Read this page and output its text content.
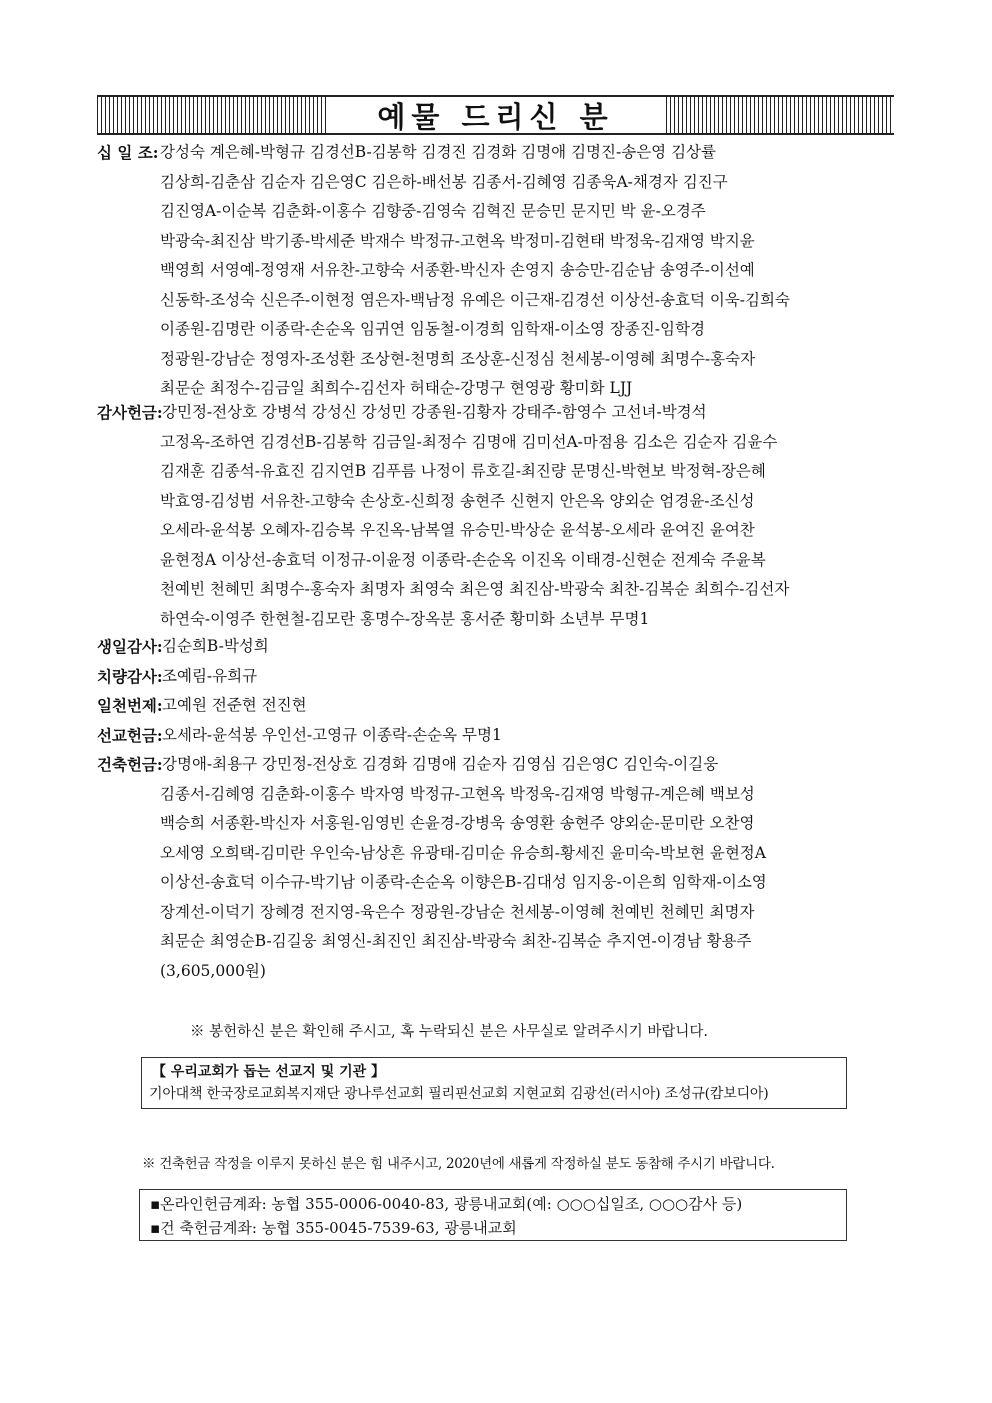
예물 드리신 분
십 일 조: 강성숙 계은혜-박형규 김경선B-김봉학 김경진 김경화 김명애 김명진-송은영 김상률
김상희-김춘삼 김순자 김은영C 김은하-배선봉 김종서-김혜영 김종욱A-채경자 김진구
김진영A-이순복 김춘화-이홍수 김향중-김영숙 김혁진 문승민 문지민 박 윤-오경주
박광숙-최진삼 박기종-박세준 박재수 박정규-고현옥 박정미-김현태 박정욱-김재영 박지윤
백영희 서영예-정영재 서유찬-고향숙 서종환-박신자 손영지 송승만-김순남 송영주-이선예
신동학-조성숙 신은주-이현정 염은자-백남정 유예은 이근재-김경선 이상선-송효덕 이욱-김희숙
이종원-김명란 이종락-손순옥 임귀연 임동철-이경희 임학재-이소영 장종진-임학경
정광원-강남순 정영자-조성환 조상현-천명희 조상훈-신정심 천세봉-이영혜 최명수-홍숙자
최문순 최정수-김금일 최희수-김선자 허태순-강명구 현영광 황미화 LJJ
감사헌금: 강민정-전상호 강병석 강성신 강성민 강종원-김황자 강태주-함영수 고선녀-박경석
고정옥-조하연 김경선B-김봉학 김금일-최정수 김명애 김미선A-마점용 김소은 김순자 김윤수
김재훈 김종석-유효진 김지연B 김푸름 나정이 류호길-최진량 문명신-박현보 박정혁-장은혜
박효영-김성범 서유찬-고향숙 손상호-신희정 송현주 신현지 안은옥 양외순 엄경윤-조신성
오세라-윤석봉 오혜자-김승복 우진옥-남복열 유승민-박상순 윤석봉-오세라 윤여진 윤여찬
윤현정A 이상선-송효덕 이정규-이윤정 이종락-손순옥 이진옥 이태경-신현순 전계숙 주윤복
천예빈 천혜민 최명수-홍숙자 최명자 최영숙 최은영 최진삼-박광숙 최찬-김복순 최희수-김선자
하연숙-이영주 한현철-김모란 홍명수-장옥분 홍서준 황미화 소년부 무명1
생일감사: 김순희B-박성희
치량감사: 조예림-유희규
일천번제: 고예원 전준현 전진현
선교헌금: 오세라-윤석봉 우인선-고영규 이종락-손순옥 무명1
건축헌금: 강명애-최용구 강민정-전상호 김경화 김명애 김순자 김영심 김은영C 김인숙-이길웅
김종서-김혜영 김춘화-이홍수 박자영 박정규-고현옥 박정욱-김재영 박형규-계은혜 백보성
백승희 서종환-박신자 서홍원-임영빈 손윤경-강병욱 송영환 송현주 양외순-문미란 오찬영
오세영 오희택-김미란 우인숙-남상흔 유광태-김미순 유승희-황세진 윤미숙-박보현 윤현정A
이상선-송효덕 이수규-박기남 이종락-손순옥 이향은B-김대성 임지웅-이은희 임학재-이소영
장계선-이덕기 장혜경 전지영-육은수 정광원-강남순 천세봉-이영혜 천예빈 천혜민 최명자
최문순 최영순B-김길웅 최영신-최진인 최진삼-박광숙 최찬-김복순 추지연-이경남 황용주
(3,605,000원)
※ 봉헌하신 분은 확인해 주시고, 혹 누락되신 분은 사무실로 알려주시기 바랍니다.
【 우리교회가 돕는 선교지 및 기관 】
기아대책 한국장로교회복지재단 광나루선교회 필리핀선교회 지현교회 김광선(러시아) 조성규(캄보디아)
※ 건축헌금 작정을 이루지 못하신 분은 힘 내주시고, 2020년에 새롭게 작정하실 분도 동참해 주시기 바랍니다.
▪온라인헌금계좌: 농협 355-0006-0040-83, 광릉내교회(예: ○○○십일조, ○○○감사 등)
▪건 축헌금계좌: 농협 355-0045-7539-63, 광릉내교회
